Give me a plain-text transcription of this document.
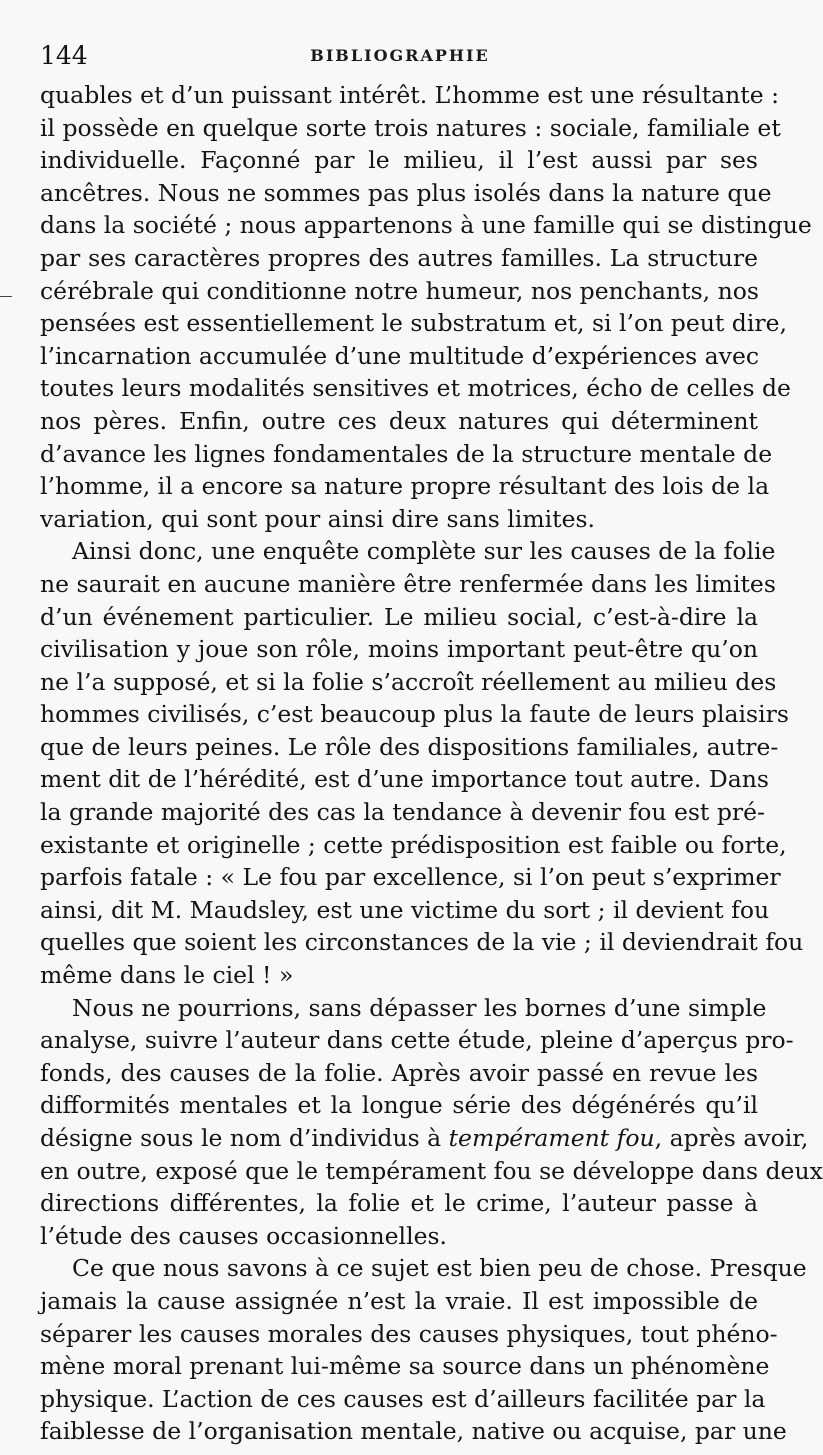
144	BIBLIOGRAPHIE
quables et d’un puissant intérêt. L’homme est une résultante :
il possède en quelque sorte trois natures : sociale, familiale et
individuelle. Façonné par le milieu, il l’est aussi par ses
ancêtres. Nous ne sommes pas plus isolés dans la nature que
dans la société ; nous appartenons à une famille qui se distingue
par ses caractères propres des autres familles. La structure
cérébrale qui conditionne notre humeur, nos penchants, nos
pensées est essentiellement le substratum et, si l’on peut dire,
l’incarnation accumulée d’une multitude d’expériences avec
toutes leurs modalités sensitives et motrices, écho de celles de
nos pères. Enfin, outre ces deux natures qui déterminent
d’avance les lignes fondamentales de la structure mentale de
l’homme, il a encore sa nature propre résultant des lois de la
variation, qui sont pour ainsi dire sans limites.
Ainsi donc, une enquête complète sur les causes de la folie
ne saurait en aucune manière être renfermée dans les limites
d’un événement particulier. Le milieu social, c’est-à-dire la
civilisation y joue son rôle, moins important peut-être qu’on
ne l’a supposé, et si la folie s’accroît réellement au milieu des
hommes civilisés, c’est beaucoup plus la faute de leurs plaisirs
que de leurs peines. Le rôle des dispositions familiales, autre-
ment dit de l’hérédité, est d’une importance tout autre. Dans
la grande majorité des cas la tendance à devenir fou est pré-
existante et originelle ; cette prédisposition est faible ou forte,
parfois fatale : « Le fou par excellence, si l’on peut s’exprimer
ainsi, dit M. Maudsley, est une victime du sort ; il devient fou
quelles que soient les circonstances de la vie ; il deviendrait fou
même dans le ciel ! »
Nous ne pourrions, sans dépasser les bornes d’une simple
analyse, suivre l’auteur dans cette étude, pleine d’aperçus pro-
fonds, des causes de la folie. Après avoir passé en revue les
difformités mentales et la longue série des dégénérés qu’il
désigne sous le nom d’individus à tempérament fou, après avoir,
en outre, exposé que le tempérament fou se développe dans deux
directions différentes, la folie et le crime, l’auteur passe à
l’étude des causes occasionnelles.
Ce que nous savons à ce sujet est bien peu de chose. Presque
jamais la cause assignée n’est la vraie. Il est impossible de
séparer les causes morales des causes physiques, tout phéno-
mène moral prenant lui-même sa source dans un phénomène
physique. L’action de ces causes est d’ailleurs facilitée par la
faiblesse de l’organisation mentale, native ou acquise, par une
